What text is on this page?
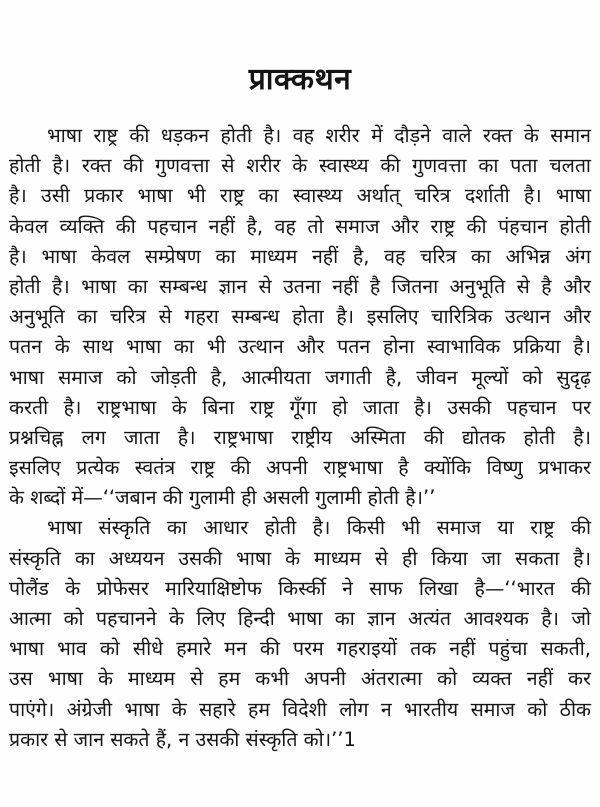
प्राक्कथन
भाषा राष्ट्र की धड़कन होती है। वह शरीर में दौड़ने वाले रक्त के समान
होती है। रक्त की गुणवत्ता से शरीर के स्वास्थ्य की गुणवत्ता का पता चलता
है। उसी प्रकार भाषा भी राष्ट्र का स्वास्थ्य अर्थात् चरित्र दर्शाती है। भाषा
केवल व्यक्ति की पहचान नहीं है, वह तो समाज और राष्ट्र की पंहचान होती
है। भाषा केवल सम्प्रेषण का माध्यम नहीं है, वह चरित्र का अभिन्न अंग
होती है। भाषा का सम्बन्ध ज्ञान से उतना नहीं है जितना अनुभूति से है और
अनुभूति का चरित्र से गहरा सम्बन्ध होता है। इसलिए चारित्रिक उत्थान और
पतन के साथ भाषा का भी उत्थान और पतन होना स्वाभाविक प्रक्रिया है।
भाषा समाज को जोड़ती है, आत्मीयता जगाती है, जीवन मूल्यों को सुदृढ़
करती है। राष्ट्रभाषा के बिना राष्ट्र गूँगा हो जाता है। उसकी पहचान पर
प्रश्नचिह्न लग जाता है। राष्ट्रभाषा राष्ट्रीय अस्मिता की द्योतक होती है।
इसलिए प्रत्येक स्वतंत्र राष्ट्र की अपनी राष्ट्रभाषा है क्योंकि विष्णु प्रभाकर
के शब्दों में—‘‘जबान की गुलामी ही असली गुलामी होती है।’’
भाषा संस्कृति का आधार होती है। किसी भी समाज या राष्ट्र की
संस्कृति का अध्ययन उसकी भाषा के माध्यम से ही किया जा सकता है।
पोलैंड के प्रोफेसर मारियाक्षिष्टोफ किर्स्की ने साफ लिखा है—‘‘भारत की
आत्मा को पहचानने के लिए हिन्दी भाषा का ज्ञान अत्यंत आवश्यक है। जो
भाषा भाव को सीधे हमारे मन की परम गहराइयों तक नहीं पहुंचा सकती,
उस भाषा के माध्यम से हम कभी अपनी अंतरात्मा को व्यक्त नहीं कर
पाएंगे। अंग्रेजी भाषा के सहारे हम विदेशी लोग न भारतीय समाज को ठीक
प्रकार से जान सकते हैं, न उसकी संस्कृति को।’’1
